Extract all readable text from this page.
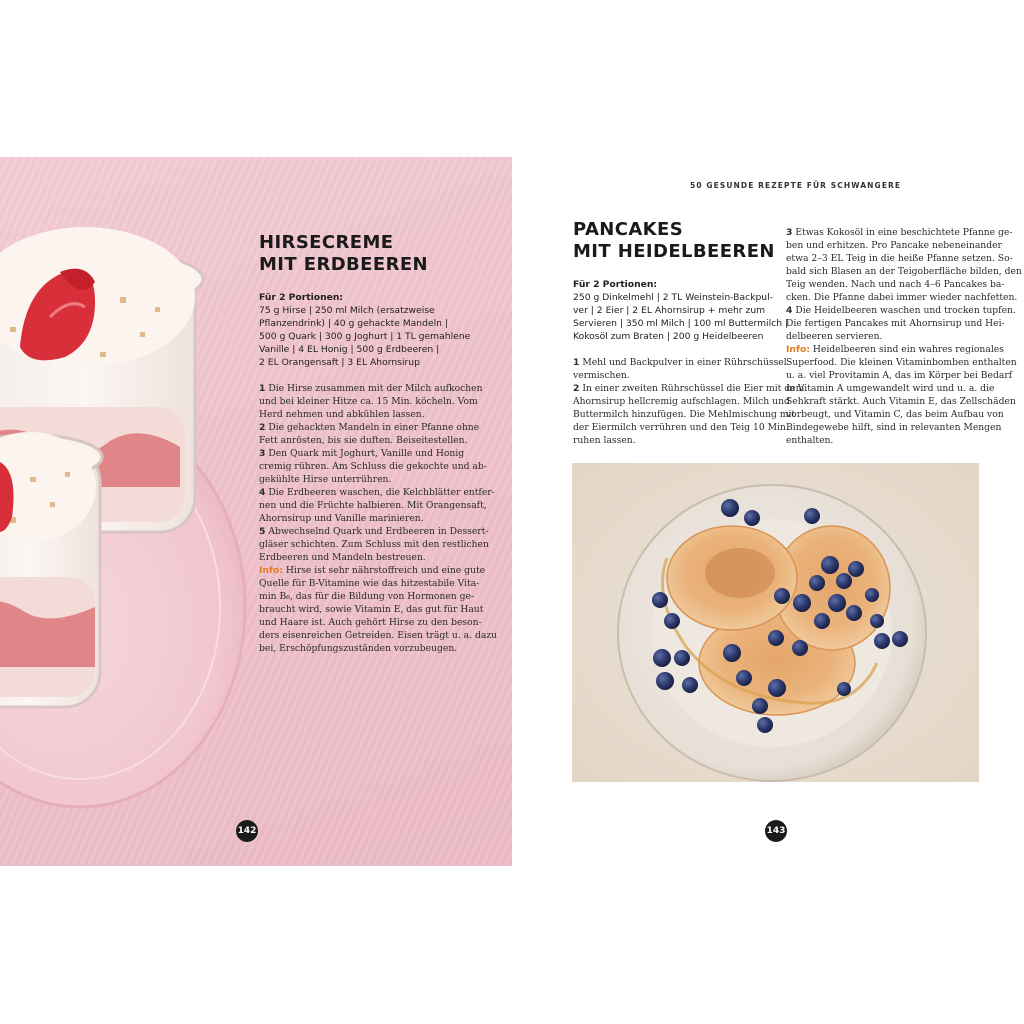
HIRSECREME
MIT ERDBEEREN
Für 2 Portionen:
75 g Hirse | 250 ml Milch (ersatzweise
Pflanzendrink) | 40 g gehackte Mandeln |
500 g Quark | 300 g Joghurt | 1 TL gemahlene
Vanille | 4 EL Honig | 500 g Erdbeeren |
2 EL Orangensaft | 3 EL Ahornsirup

1 Die Hirse zusammen mit der Milch aufkochen
und bei kleiner Hitze ca. 15 Min. köcheln. Vom
Herd nehmen und abkühlen lassen.

2 Die gehackten Mandeln in einer Pfanne ohne
Fett anrösten, bis sie duften. Beiseitestellen.

3 Den Quark mit Joghurt, Vanille und Honig
cremig rühren. Am Schluss die gekochte und ab-
gekühlte Hirse unterrühren.

4 Die Erdbeeren waschen, die Kelchblätter entfer-
nen und die Früchte halbieren. Mit Orangensaft,
Ahornsirup und Vanille marinieren.

5 Abwechselnd Quark und Erdbeeren in Dessert-
gläser schichten. Zum Schluss mit den restlichen
Erdbeeren und Mandeln bestreuen.

Info: Hirse ist sehr nährstoffreich und eine gute
Quelle für B-Vitamine wie das hitzestabile Vita-
min B₆, das für die Bildung von Hormonen ge-
braucht wird, sowie Vitamin E, das gut für Haut
und Haare ist. Auch gehört Hirse zu den beson-
ders eisenreichen Getreiden. Eisen trägt u. a. dazu
bei, Erschöpfungszuständen vorzubeugen.

142
50 GESUNDE REZEPTE FÜR SCHWANGERE
PANCAKES
MIT HEIDELBEEREN
Für 2 Portionen:
250 g Dinkelmehl | 2 TL Weinstein-Backpul-
ver | 2 Eier | 2 EL Ahornsirup + mehr zum
Servieren | 350 ml Milch | 100 ml Buttermilch |
Kokosöl zum Braten | 200 g Heidelbeeren

1 Mehl und Backpulver in einer Rührschüssel
vermischen.

2 In einer zweiten Rührschüssel die Eier mit dem
Ahornsirup hellcremig aufschlagen. Milch und
Buttermilch hinzufügen. Die Mehlmischung mit
der Eiermilch verrühren und den Teig 10 Min.
ruhen lassen.

3 Etwas Kokosöl in eine beschichtete Pfanne ge-
ben und erhitzen. Pro Pancake nebeneinander
etwa 2–3 EL Teig in die heiße Pfanne setzen. So-
bald sich Blasen an der Teigoberfläche bilden, den
Teig wenden. Nach und nach 4–6 Pancakes ba-
cken. Die Pfanne dabei immer wieder nachfetten.

4 Die Heidelbeeren waschen und trocken tupfen.
Die fertigen Pancakes mit Ahornsirup und Hei-
delbeeren servieren.

Info: Heidelbeeren sind ein wahres regionales
Superfood. Die kleinen Vitaminbomben enthalten
u. a. viel Provitamin A, das im Körper bei Bedarf
in Vitamin A umgewandelt wird und u. a. die
Sehkraft stärkt. Auch Vitamin E, das Zellschäden
vorbeugt, und Vitamin C, das beim Aufbau von
Bindegewebe hilft, sind in relevanten Mengen
enthalten.

143
